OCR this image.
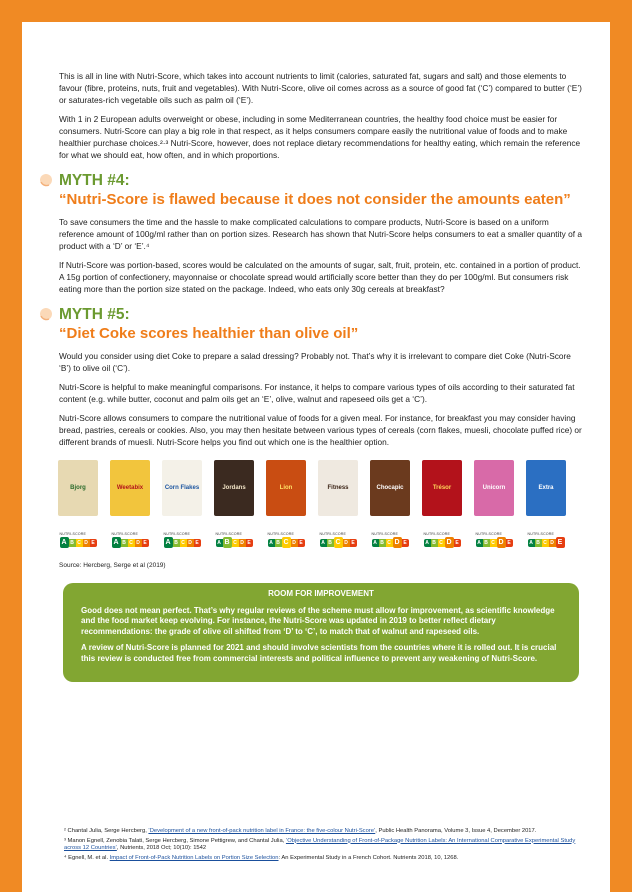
This is all in line with Nutri-Score, which takes into account nutrients to limit (calories, saturated fat, sugars and salt) and those elements to favour (fibre, proteins, nuts, fruit and vegetables). With Nutri-Score, olive oil comes across as a source of good fat (‘C’) compared to butter (‘E’) or saturates-rich vegetable oils such as palm oil (‘E’).

With 1 in 2 European adults overweight or obese, including in some Mediterranean countries, the healthy food choice must be easier for consumers. Nutri-Score can play a big role in that respect, as it helps consumers compare easily the nutritional value of foods and to make healthier purchase choices.²·³ Nutri-Score, however, does not replace dietary recommendations for healthy eating, which remain the reference for what we should eat, how often, and in which proportions.

MYTH #4:

“Nutri-Score is flawed because it does not consider the amounts eaten”

To save consumers the time and the hassle to make complicated calculations to compare products, Nutri-Score is based on a uniform reference amount of 100g/ml rather than on portion sizes. Research has shown that Nutri-Score helps consumers to eat a smaller quantity of a product with a ‘D’ or ‘E’.⁴

If Nutri-Score was portion-based, scores would be calculated on the amounts of sugar, salt, fruit, protein, etc. contained in a portion of product. A 15g portion of confectionery, mayonnaise or chocolate spread would artificially score better than they do per 100g/ml. But consumers risk eating more than the portion size stated on the package. Indeed, who eats only 30g cereals at breakfast?

MYTH #5:

“Diet Coke scores healthier than olive oil”

Would you consider using diet Coke to prepare a salad dressing? Probably not. That’s why it is irrelevant to compare diet Coke (Nutri-Score ‘B’) to olive oil (‘C’).

Nutri-Score is helpful to make meaningful comparisons. For instance, it helps to compare various types of oils according to their saturated fat content (e.g. while butter, coconut and palm oils get an ‘E’, olive, walnut and rapeseed oils get a ‘C’).

Nutri-Score allows consumers to compare the nutritional value of foods for a given meal. For instance, for breakfast you may consider having bread, pastries, cereals or cookies. Also, you may then hesitate between various types of cereals (corn flakes, muesli, chocolate puffed rice) or different brands of muesli. Nutri-Score helps you find out which one is the healthier option.

Bjorg
NUTRI-SCORE
A B C D E
Weetabix
NUTRI-SCORE
A B C D E
Corn Flakes
NUTRI-SCORE
A B C D E
Jordans
NUTRI-SCORE
A B C D E
Lion
NUTRI-SCORE
A B C D E
Fitness
NUTRI-SCORE
A B C D E
Chocapic
NUTRI-SCORE
A B C D E
Trésor
NUTRI-SCORE
A B C D E
Unicorn
NUTRI-SCORE
A B C D E
Extra
NUTRI-SCORE
A B C D E
Source: Hercberg, Serge et al (2019)

ROOM FOR IMPROVEMENT

Good does not mean perfect. That’s why regular reviews of the scheme must allow for improvement, as scientific knowledge and the food market keep evolving. For instance, the Nutri-Score was updated in 2019 to better reflect dietary recommendations: the grade of olive oil shifted from ‘D’ to ‘C’, to match that of walnut and rapeseed oils.

A review of Nutri-Score is planned for 2021 and should involve scientists from the countries where it is rolled out. It is crucial this review is conducted free from commercial interests and political influence to prevent any weakening of Nutri-Score.

² Chantal Julia, Serge Hercberg, ‘Development of a new front-of-pack nutrition label in France: the five-colour Nutri-Score’, Public Health Panorama, Volume 3, Issue 4, December 2017.

³ Manon Egnell, Zenobia Talati, Serge Hercberg, Simone Pettigrew, and Chantal Julia, ‘Objective Understanding of Front-of-Package Nutrition Labels: An International Comparative Experimental Study across 12 Countries’, Nutrients, 2018 Oct; 10(10): 1542

⁴ Egnell, M. et al. Impact of Front-of-Pack Nutrition Labels on Portion Size Selection: An Experimental Study in a French Cohort. Nutrients 2018, 10, 1268.
